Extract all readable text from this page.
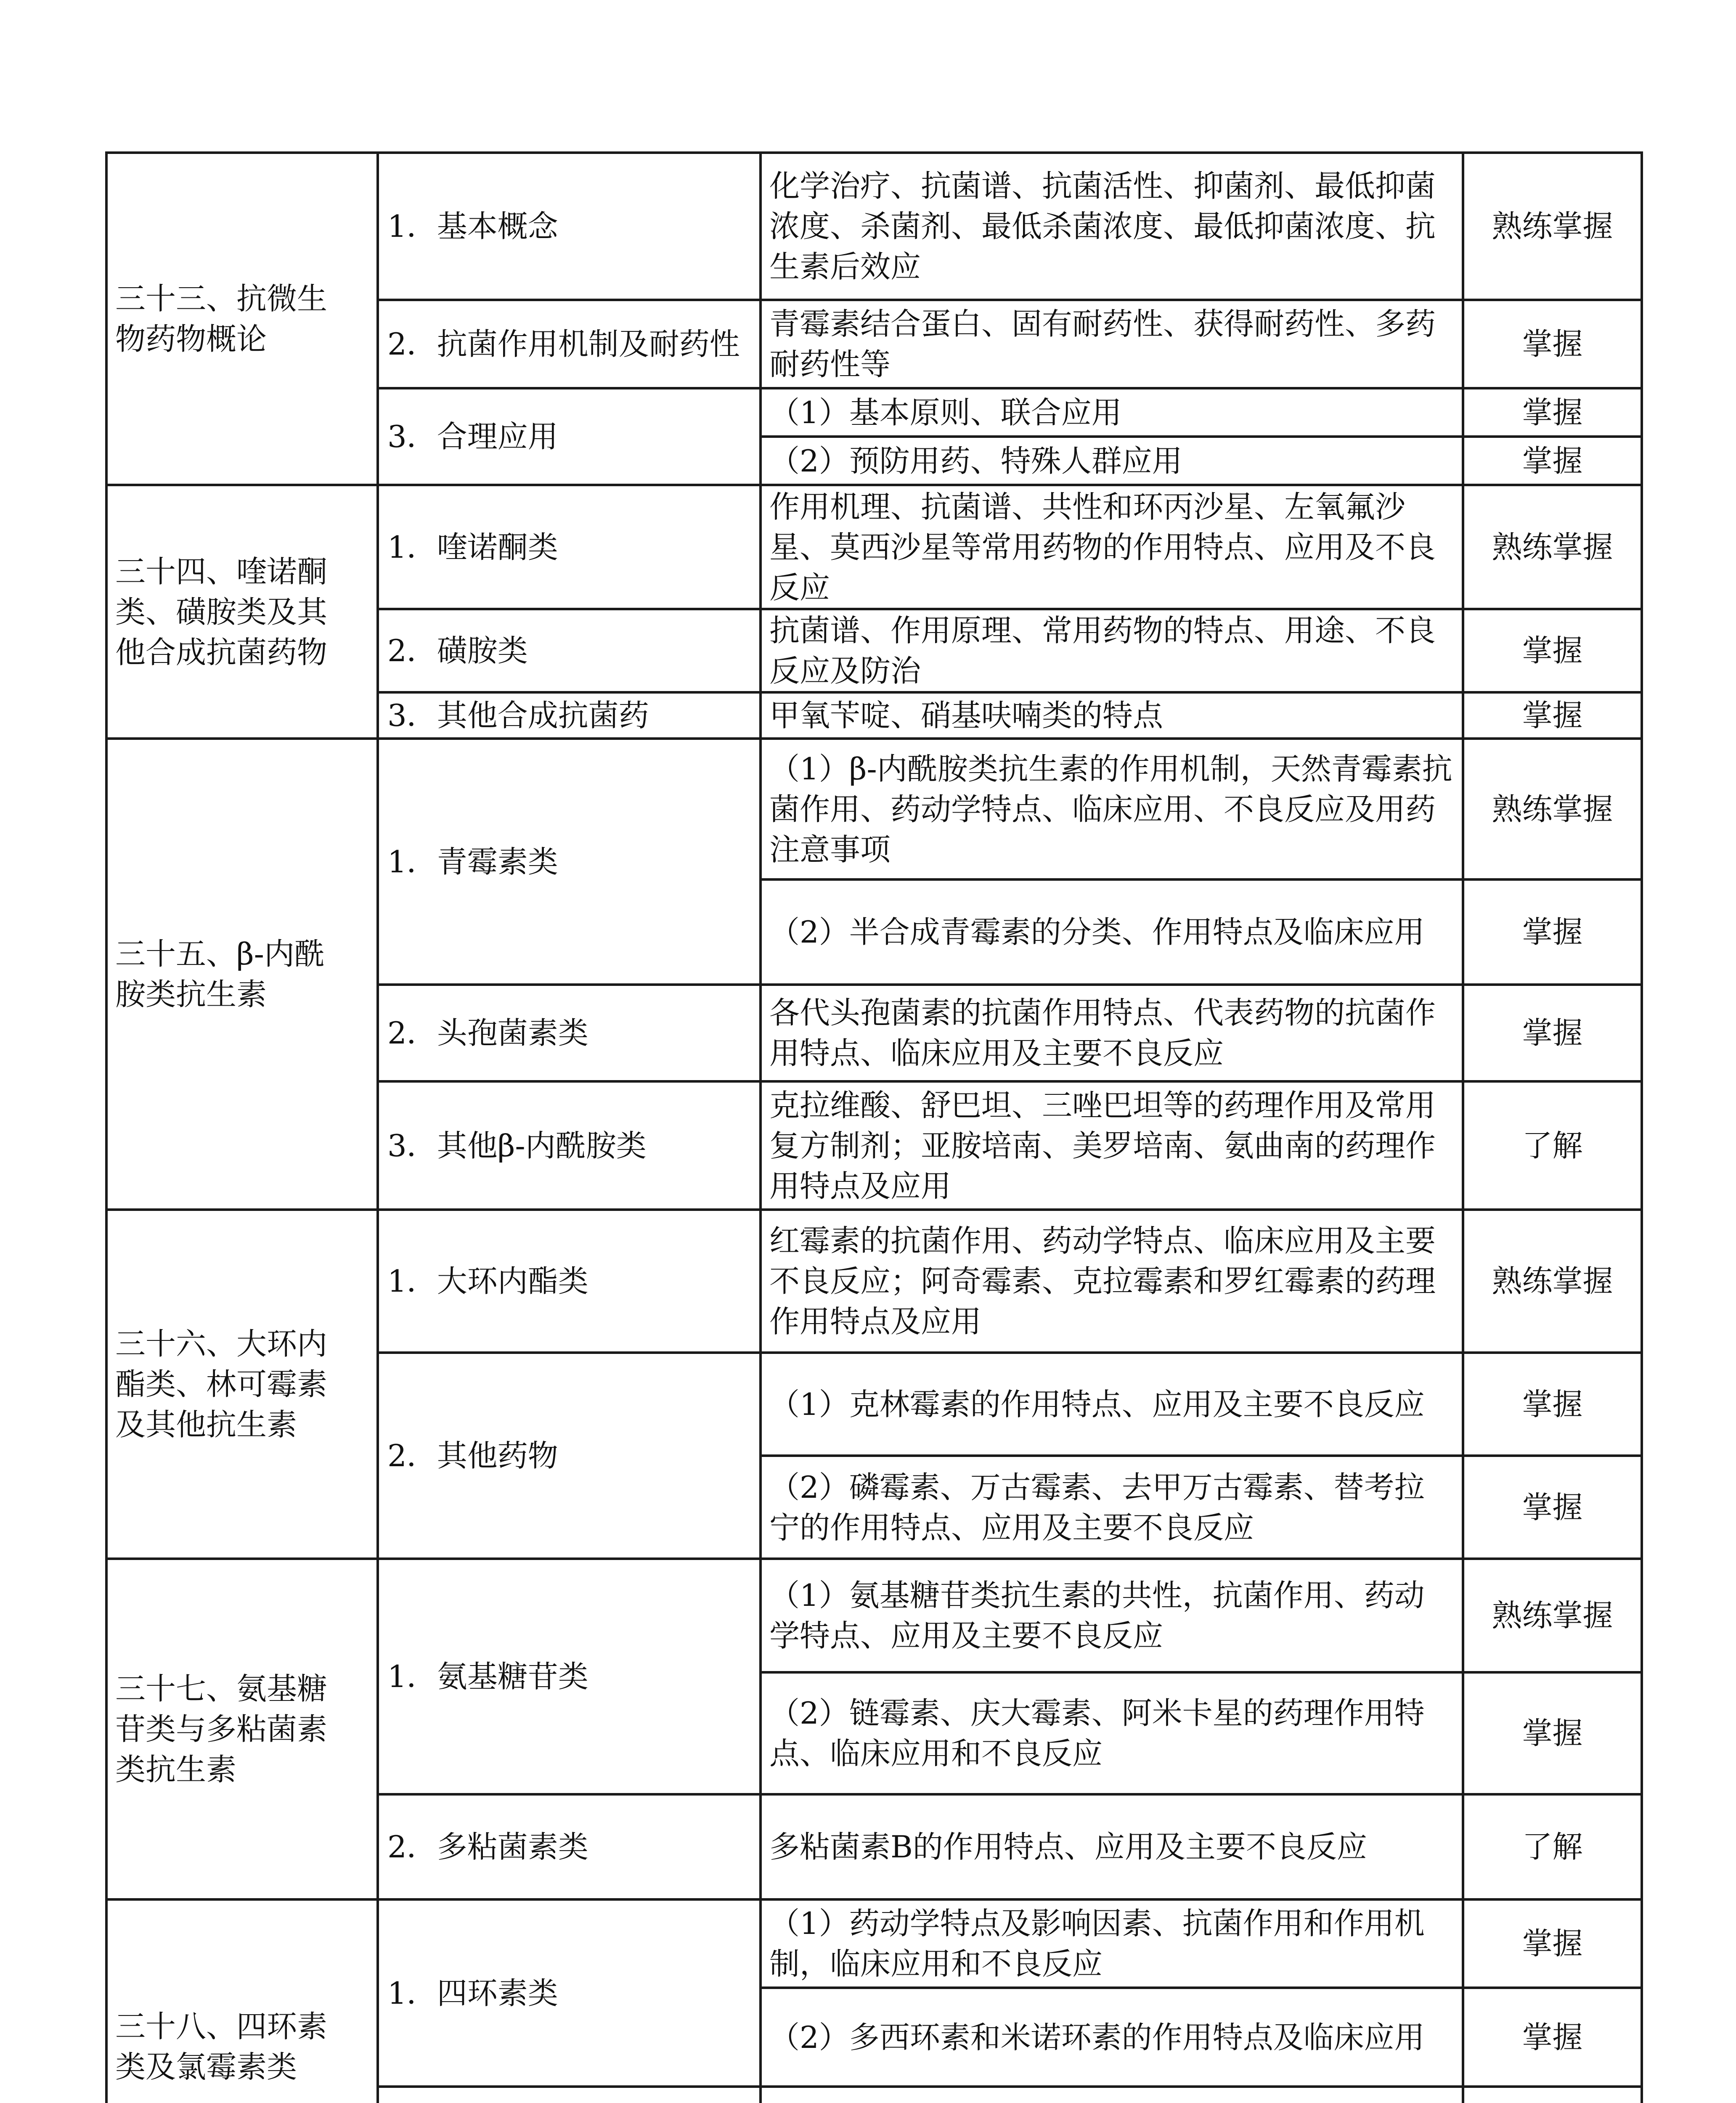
三十三、抗微生物药物概论	1．基本概念	化学治疗、抗菌谱、抗菌活性、抑菌剂、最低抑菌浓度、杀菌剂、最低杀菌浓度、最低抑菌浓度、抗生素后效应	熟练掌握
	2．抗菌作用机制及耐药性	青霉素结合蛋白、固有耐药性、获得耐药性、多药耐药性等	掌握
	3．合理应用	（1）基本原则、联合应用	掌握
		（2）预防用药、特殊人群应用	掌握
三十四、喹诺酮类、磺胺类及其他合成抗菌药物	1．喹诺酮类	作用机理、抗菌谱、共性和环丙沙星、左氧氟沙星、莫西沙星等常用药物的作用特点、应用及不良反应	熟练掌握
	2．磺胺类	抗菌谱、作用原理、常用药物的特点、用途、不良反应及防治	掌握
	3．其他合成抗菌药	甲氧苄啶、硝基呋喃类的特点	掌握
三十五、β-内酰胺类抗生素	1．青霉素类	（1）β-内酰胺类抗生素的作用机制，天然青霉素抗菌作用、药动学特点、临床应用、不良反应及用药注意事项	熟练掌握
		（2）半合成青霉素的分类、作用特点及临床应用	掌握
	2．头孢菌素类	各代头孢菌素的抗菌作用特点、代表药物的抗菌作用特点、临床应用及主要不良反应	掌握
	3．其他β-内酰胺类	克拉维酸、舒巴坦、三唑巴坦等的药理作用及常用复方制剂；亚胺培南、美罗培南、氨曲南的药理作用特点及应用	了解
三十六、大环内酯类、林可霉素及其他抗生素	1．大环内酯类	红霉素的抗菌作用、药动学特点、临床应用及主要不良反应；阿奇霉素、克拉霉素和罗红霉素的药理作用特点及应用	熟练掌握
	2．其他药物	（1）克林霉素的作用特点、应用及主要不良反应	掌握
		（2）磷霉素、万古霉素、去甲万古霉素、替考拉宁的作用特点、应用及主要不良反应	掌握
三十七、氨基糖苷类与多粘菌素类抗生素	1．氨基糖苷类	（1）氨基糖苷类抗生素的共性，抗菌作用、药动学特点、应用及主要不良反应	熟练掌握
		（2）链霉素、庆大霉素、阿米卡星的药理作用特点、临床应用和不良反应	掌握
	2．多粘菌素类	多粘菌素B的作用特点、应用及主要不良反应	了解
三十八、四环素类及氯霉素类	1．四环素类	（1）药动学特点及影响因素、抗菌作用和作用机制，临床应用和不良反应	掌握
		（2）多西环素和米诺环素的作用特点及临床应用	掌握
